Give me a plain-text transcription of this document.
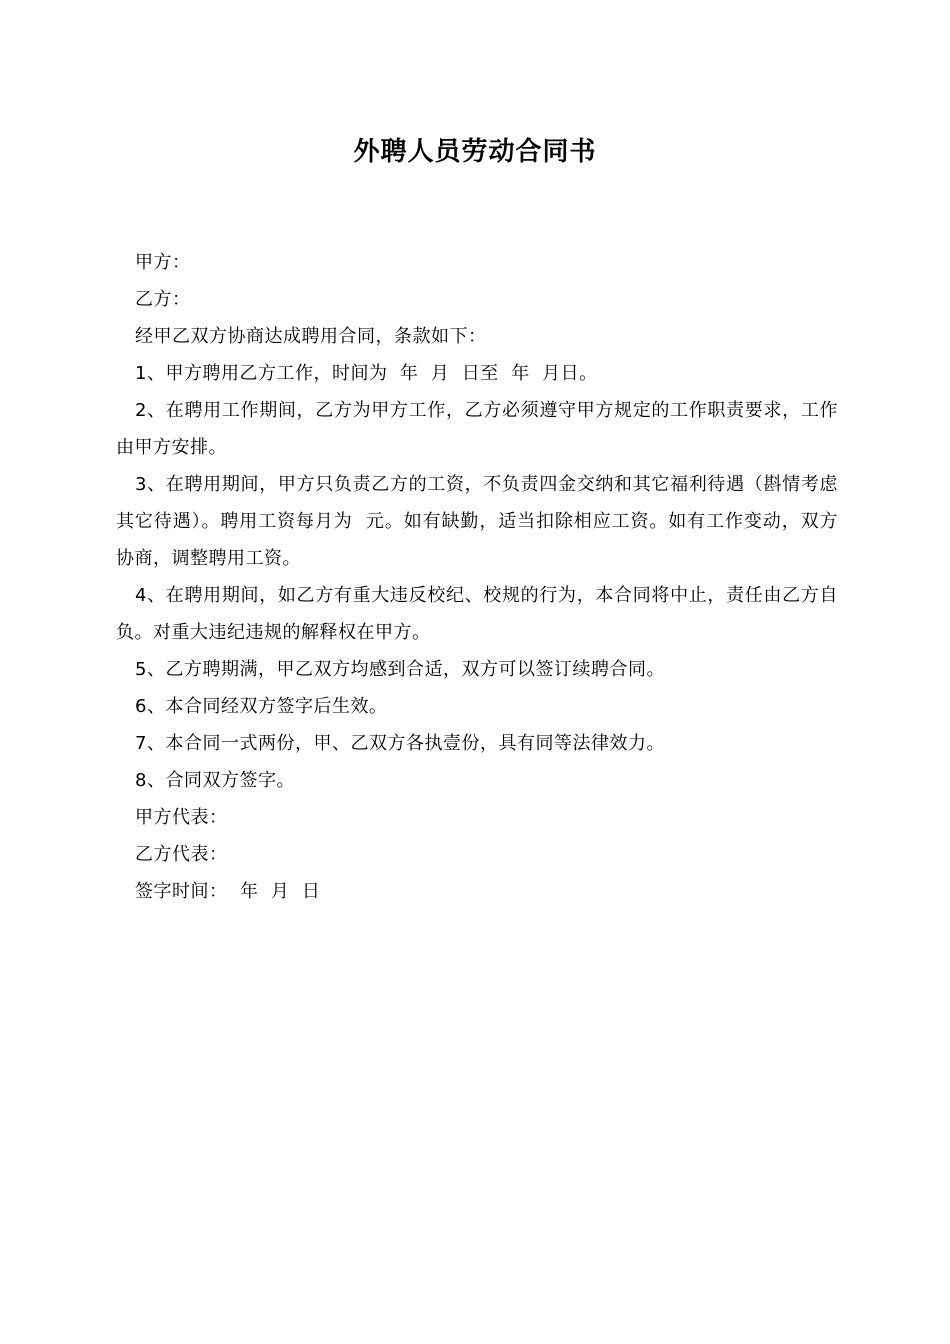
外聘人员劳动合同书

甲方：

乙方：

经甲乙双方协商达成聘用合同，条款如下：

1、甲方聘用乙方工作，时间为  年  月  日至  年  月日。

2、在聘用工作期间，乙方为甲方工作，乙方必须遵守甲方规定的工作职责要求，工作由甲方安排。

3、在聘用期间，甲方只负责乙方的工资，不负责四金交纳和其它福利待遇（斟情考虑其它待遇）。聘用工资每月为  元。如有缺勤，适当扣除相应工资。如有工作变动，双方协商，调整聘用工资。

4、在聘用期间，如乙方有重大违反校纪、校规的行为，本合同将中止，责任由乙方自负。对重大违纪违规的解释权在甲方。

5、乙方聘期满，甲乙双方均感到合适，双方可以签订续聘合同。

6、本合同经双方签字后生效。

7、本合同一式两份，甲、乙双方各执壹份，具有同等法律效力。

8、合同双方签字。

甲方代表：

乙方代表：

签字时间：  年  月  日
